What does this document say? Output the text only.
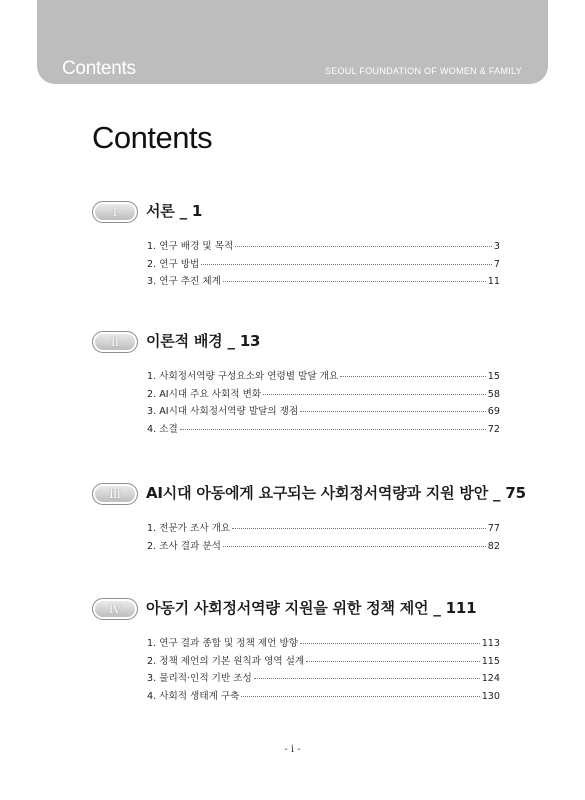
Contents	SEOUL FOUNDATION OF WOMEN & FAMILY
Contents
Ⅰ	서론 _ 1
1. 연구 배경 및 목적	3
2. 연구 방법	7
3. 연구 추진 체계	11
Ⅱ	이론적 배경 _ 13
1. 사회정서역량 구성요소와 연령별 발달 개요	15
2. AI시대 주요 사회적 변화	58
3. AI시대 사회정서역량 발달의 쟁점	69
4. 소결	72
Ⅲ	AI시대 아동에게 요구되는 사회정서역량과 지원 방안 _ 75
1. 전문가 조사 개요	77
2. 조사 결과 분석	82
Ⅳ	아동기 사회정서역량 지원을 위한 정책 제언 _ 111
1. 연구 결과 종합 및 정책 제언 방향	113
2. 정책 제언의 기본 원칙과 영역 설계	115
3. 물리적·인적 기반 조성	124
4. 사회적 생태계 구축	130
- i -
